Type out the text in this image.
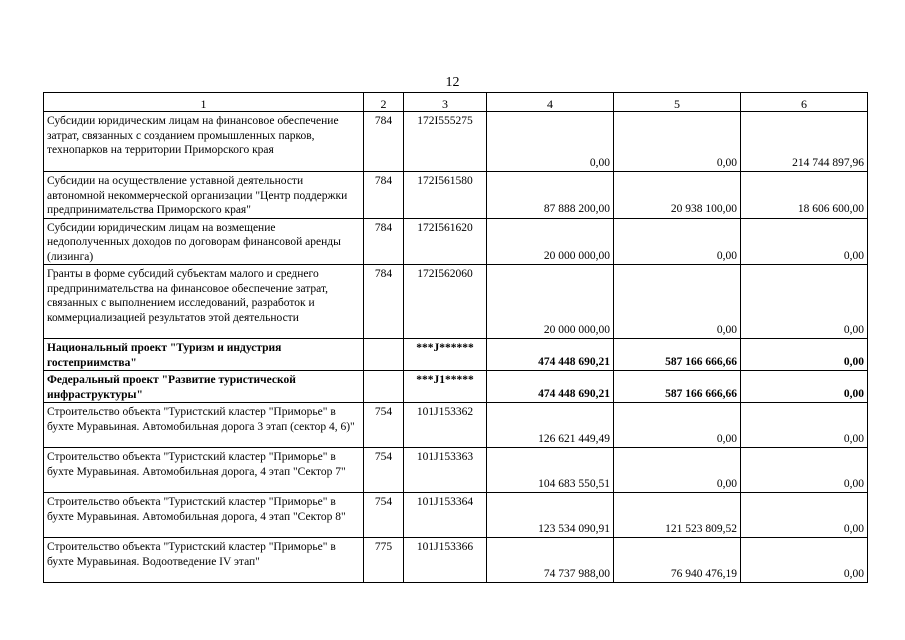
12
1	2	3	4	5	6
Субсидии юридическим лицам на финансовое обеспечение затрат, связанных с созданием промышленных парков, технопарков на территории Приморского края	784	172I555275	0,00	0,00	214 744 897,96
Субсидии на осуществление уставной деятельности автономной некоммерческой организации "Центр поддержки предпринимательства Приморского края"	784	172I561580	87 888 200,00	20 938 100,00	18 606 600,00
Субсидии юридическим лицам на возмещение недополученных доходов по договорам финансовой аренды (лизинга)	784	172I561620	20 000 000,00	0,00	0,00
Гранты в форме субсидий субъектам малого и среднего предпринимательства на финансовое обеспечение затрат, связанных с выполнением исследований, разработок и коммерциализацией результатов этой деятельности	784	172I562060	20 000 000,00	0,00	0,00
Национальный проект "Туризм и индустрия гостеприимства"		***J******	474 448 690,21	587 166 666,66	0,00
Федеральный проект "Развитие туристической инфраструктуры"		***J1*****	474 448 690,21	587 166 666,66	0,00
Строительство объекта "Туристский кластер "Приморье" в бухте Муравьиная. Автомобильная дорога 3 этап (сектор 4, 6)"	754	101J153362	126 621 449,49	0,00	0,00
Строительство объекта "Туристский кластер "Приморье" в бухте Муравьиная. Автомобильная дорога, 4 этап "Сектор 7"	754	101J153363	104 683 550,51	0,00	0,00
Строительство объекта "Туристский кластер "Приморье" в бухте Муравьиная. Автомобильная дорога, 4 этап "Сектор 8"	754	101J153364	123 534 090,91	121 523 809,52	0,00
Строительство объекта "Туристский кластер "Приморье" в бухте Муравьиная. Водоотведение IV этап"	775	101J153366	74 737 988,00	76 940 476,19	0,00
